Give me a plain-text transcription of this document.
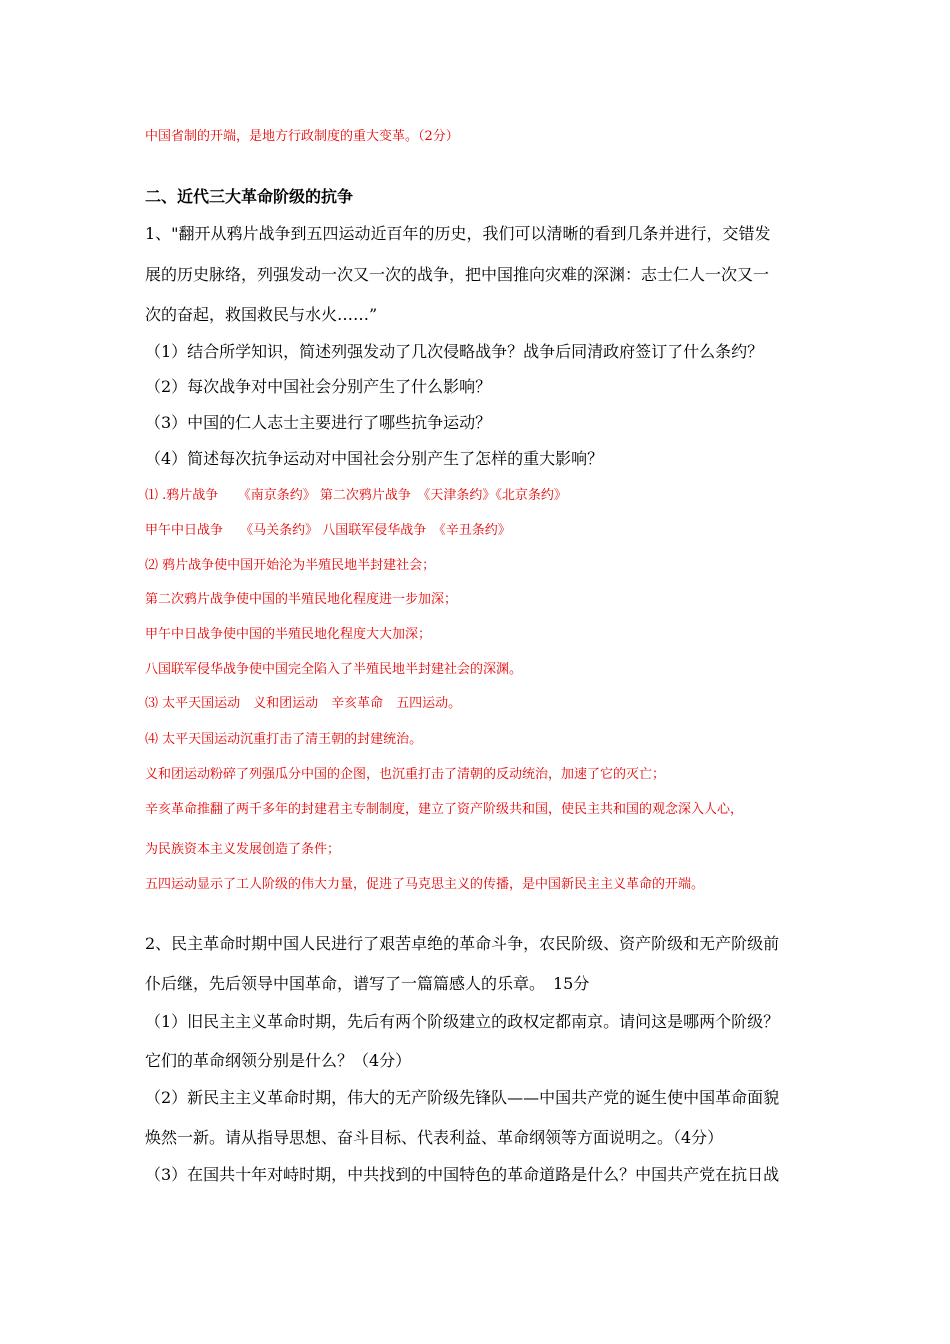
中国省制的开端，是地方行政制度的重大变革。（2分）
二、近代三大革命阶级的抗争
1、"翻开从鸦片战争到五四运动近百年的历史，我们可以清晰的看到几条并进行，交错发
展的历史脉络，列强发动一次又一次的战争，把中国推向灾难的深渊：志士仁人一次又一
次的奋起，救国救民与水火……”
（1）结合所学知识，简述列强发动了几次侵略战争？战争后同清政府签订了什么条约？
（2）每次战争对中国社会分别产生了什么影响？
（3）中国的仁人志士主要进行了哪些抗争运动？
（4）简述每次抗争运动对中国社会分别产生了怎样的重大影响？
⑴ .鸦片战争　　《南京条约》 第二次鸦片战争　《天津条约》《北京条约》
甲午中日战争　 《马关条约》 八国联军侵华战争　《辛丑条约》
⑵ 鸦片战争使中国开始沦为半殖民地半封建社会；
第二次鸦片战争使中国的半殖民地化程度进一步加深；
甲午中日战争使中国的半殖民地化程度大大加深；
八国联军侵华战争使中国完全陷入了半殖民地半封建社会的深渊。
⑶ 太平天国运动　义和团运动　辛亥革命　五四运动。
⑷ 太平天国运动沉重打击了清王朝的封建统治。
义和团运动粉碎了列强瓜分中国的企图，也沉重打击了清朝的反动统治，加速了它的灭亡；
辛亥革命推翻了两千多年的封建君主专制制度，建立了资产阶级共和国，使民主共和国的观念深入人心，
为民族资本主义发展创造了条件；
五四运动显示了工人阶级的伟大力量，促进了马克思主义的传播，是中国新民主主义革命的开端。
2、民主革命时期中国人民进行了艰苦卓绝的革命斗争，农民阶级、资产阶级和无产阶级前
仆后继，先后领导中国革命，谱写了一篇篇感人的乐章。　15分
（1）旧民主主义革命时期，先后有两个阶级建立的政权定都南京。请问这是哪两个阶级？
它们的革命纲领分别是什么？（4分）
（2）新民主主义革命时期，伟大的无产阶级先锋队——中国共产党的诞生使中国革命面貌
焕然一新。请从指导思想、奋斗目标、代表利益、革命纲领等方面说明之。（4分）
（3）在国共十年对峙时期，中共找到的中国特色的革命道路是什么？中国共产党在抗日战
